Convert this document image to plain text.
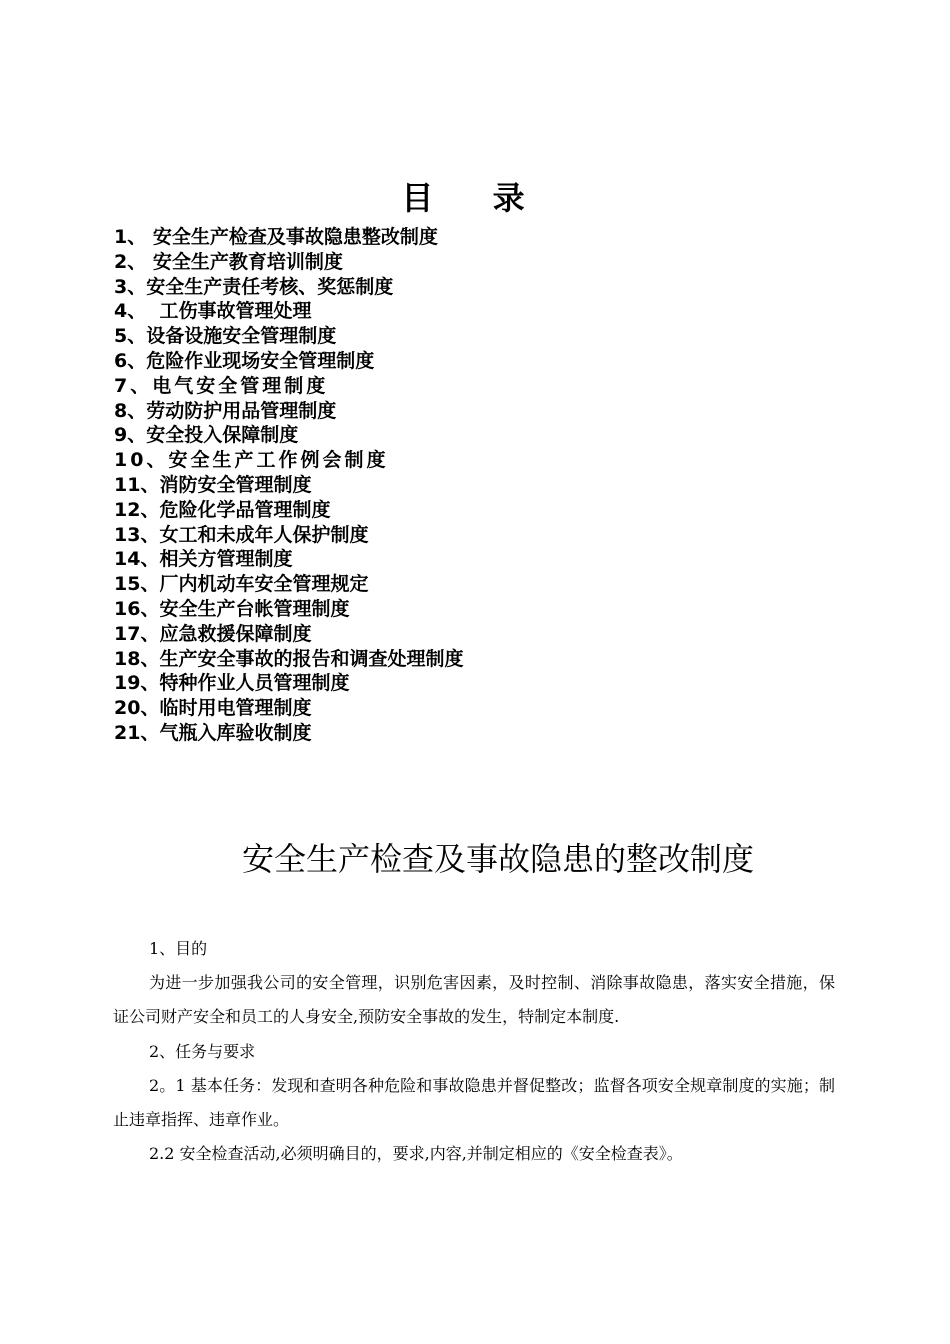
目 录
1、 安全生产检查及事故隐患整改制度
2、 安全生产教育培训制度
3、安全生产责任考核、奖惩制度
4、  工伤事故管理处理
5、设备设施安全管理制度
6、危险作业现场安全管理制度
7、电气安全管理制度
8、劳动防护用品管理制度
9、安全投入保障制度
10、安全生产工作例会制度
11、消防安全管理制度
12、危险化学品管理制度
13、女工和未成年人保护制度
14、相关方管理制度
15、厂内机动车安全管理规定
16、安全生产台帐管理制度
17、应急救援保障制度
18、生产安全事故的报告和调查处理制度
19、特种作业人员管理制度
20、临时用电管理制度
21、气瓶入库验收制度
安全生产检查及事故隐患的整改制度

1、目的

为进一步加强我公司的安全管理，识别危害因素，及时控制、消除事故隐患，落实安全措施，保证公司财产安全和员工的人身安全,预防安全事故的发生，特制定本制度.

2、任务与要求

2。1 基本任务：发现和查明各种危险和事故隐患并督促整改；监督各项安全规章制度的实施；制止违章指挥、违章作业。

2.2 安全检查活动,必须明确目的，要求,内容,并制定相应的《安全检查表》。
